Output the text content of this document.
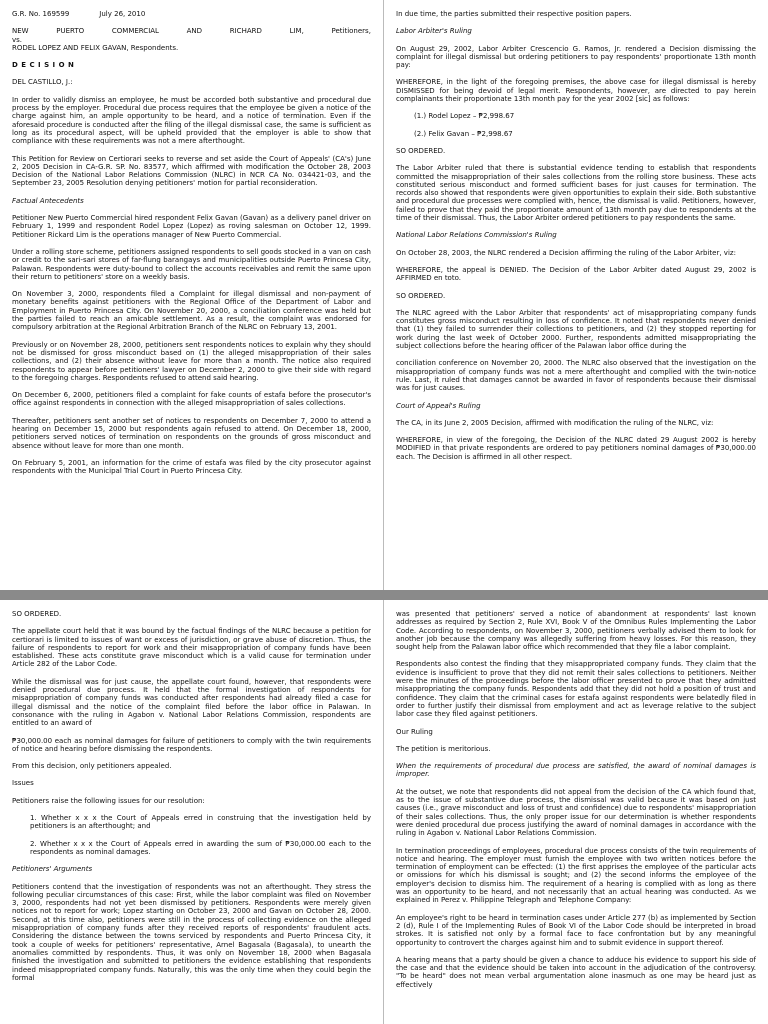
G.R. No. 169599	July 26, 2010
NEW	PUERTO	COMMERCIAL	AND	RICHARD	LIM,	Petitioners,
vs.
RODEL LOPEZ AND FELIX GAVAN, Respondents.
D E C I S I O N
DEL CASTILLO, J.:
In order to validly dismiss an employee, he must be accorded both substantive and procedural due process by the employer. Procedural due process requires that the employee be given a notice of the charge against him, an ample opportunity to be heard, and a notice of termination. Even if the aforesaid procedure is conducted after the filing of the illegal dismissal case, the same is sufficient as long as its procedural aspect, will be upheld provided that the employer is able to show that compliance with these requirements was not a mere afterthought.
This Petition for Review on Certiorari seeks to reverse and set aside the Court of Appeals' (CA's) June 2, 2005 Decision in CA-G.R. SP. No. 83577, which affirmed with modification the October 28, 2003 Decision of the National Labor Relations Commission (NLRC) in NCR CA No. 034421-03, and the September 23, 2005 Resolution denying petitioners' motion for partial reconsideration.
Factual Antecedents
Petitioner New Puerto Commercial hired respondent Felix Gavan (Gavan) as a delivery panel driver on February 1, 1999 and respondent Rodel Lopez (Lopez) as roving salesman on October 12, 1999. Petitioner Rickard Lim is the operations manager of New Puerto Commercial.
Under a rolling store scheme, petitioners assigned respondents to sell goods stocked in a van on cash or credit to the sari-sari stores of far-flung barangays and municipalities outside Puerto Princesa City, Palawan. Respondents were duty-bound to collect the accounts receivables and remit the same upon their return to petitioners' store on a weekly basis.
On November 3, 2000, respondents filed a Complaint for illegal dismissal and non-payment of monetary benefits against petitioners with the Regional Office of the Department of Labor and Employment in Puerto Princesa City. On November 20, 2000, a conciliation conference was held but the parties failed to reach an amicable settlement. As a result, the complaint was endorsed for compulsory arbitration at the Regional Arbitration Branch of the NLRC on February 13, 2001.
Previously or on November 28, 2000, petitioners sent respondents notices to explain why they should not be dismissed for gross misconduct based on (1) the alleged misappropriation of their sales collections, and (2) their absence without leave for more than a month. The notice also required respondents to appear before petitioners' lawyer on December 2, 2000 to give their side with regard to the foregoing charges. Respondents refused to attend said hearing.
On December 6, 2000, petitioners filed a complaint for fake counts of estafa before the prosecutor's office against respondents in connection with the alleged misappropriation of sales collections.
Thereafter, petitioners sent another set of notices to respondents on December 7, 2000 to attend a hearing on December 15, 2000 but respondents again refused to attend. On December 18, 2000, petitioners served notices of termination on respondents on the grounds of gross misconduct and absence without leave for more than one month.
On February 5, 2001, an information for the crime of estafa was filed by the city prosecutor against respondents with the Municipal Trial Court in Puerto Princesa City.
In due time, the parties submitted their respective position papers.
Labor Arbiter's Ruling
On August 29, 2002, Labor Arbiter Crescencio G. Ramos, Jr. rendered a Decision dismissing the complaint for illegal dismissal but ordering petitioners to pay respondents' proportionate 13th month pay:
WHEREFORE, in the light of the foregoing premises, the above case for illegal dismissal is hereby DISMISSED for being devoid of legal merit. Respondents, however, are directed to pay herein complainants their proportionate 13th month pay for the year 2002 [sic] as follows:
(1.) Rodel Lopez – ₱2,998.67
(2.) Felix Gavan – ₱2,998.67
SO ORDERED.
The Labor Arbiter ruled that there is substantial evidence tending to establish that respondents committed the misappropriation of their sales collections from the rolling store business. These acts constituted serious misconduct and formed sufficient bases for just causes for termination. The records also showed that respondents were given opportunities to explain their side. Both substantive and procedural due processes were complied with, hence, the dismissal is valid. Petitioners, however, failed to prove that they paid the proportionate amount of 13th month pay due to respondents at the time of their dismissal. Thus, the Labor Arbiter ordered petitioners to pay respondents the same.
National Labor Relations Commission's Ruling
On October 28, 2003, the NLRC rendered a Decision affirming the ruling of the Labor Arbiter, viz:
WHEREFORE, the appeal is DENIED. The Decision of the Labor Arbiter dated August 29, 2002 is AFFIRMED en toto.
SO ORDERED.
The NLRC agreed with the Labor Arbiter that respondents' act of misappropriating company funds constitutes gross misconduct resulting in loss of confidence. It noted that respondents never denied that (1) they failed to surrender their collections to petitioners, and (2) they stopped reporting for work during the last week of October 2000. Further, respondents admitted misappropriating the subject collections before the hearing officer of the Palawan labor office during the
conciliation conference on November 20, 2000. The NLRC also observed that the investigation on the misappropriation of company funds was not a mere afterthought and complied with the twin-notice rule. Last, it ruled that damages cannot be awarded in favor of respondents because their dismissal was for just causes.
Court of Appeal's Ruling
The CA, in its June 2, 2005 Decision, affirmed with modification the ruling of the NLRC, viz:
WHEREFORE, in view of the foregoing, the Decision of the NLRC dated 29 August 2002 is hereby MODIFIED in that private respondents are ordered to pay petitioners nominal damages of ₱30,000.00 each. The Decision is affirmed in all other respect.
SO ORDERED.
The appellate court held that it was bound by the factual findings of the NLRC because a petition for certiorari is limited to issues of want or excess of jurisdiction, or grave abuse of discretion. Thus, the failure of respondents to report for work and their misappropriation of company funds have been established. These acts constitute grave misconduct which is a valid cause for termination under Article 282 of the Labor Code.
While the dismissal was for just cause, the appellate court found, however, that respondents were denied procedural due process. It held that the formal investigation of respondents for misappropriation of company funds was conducted after respondents had already filed a case for illegal dismissal and the notice of the complaint filed before the labor office in Palawan. In consonance with the ruling in Agabon v. National Labor Relations Commission, respondents are entitled to an award of
₱30,000.00 each as nominal damages for failure of petitioners to comply with the twin requirements of notice and hearing before dismissing the respondents.
From this decision, only petitioners appealed.
Issues
Petitioners raise the following issues for our resolution:
1. Whether x x x the Court of Appeals erred in construing that the investigation held by petitioners is an afterthought; and
2. Whether x x x the Court of Appeals erred in awarding the sum of ₱30,000.00 each to the respondents as nominal damages.
Petitioners' Arguments
Petitioners contend that the investigation of respondents was not an afterthought. They stress the following peculiar circumstances of this case: First, while the labor complaint was filed on November 3, 2000, respondents had not yet been dismissed by petitioners. Respondents were merely given notices not to report for work; Lopez starting on October 23, 2000 and Gavan on October 28, 2000. Second, at this time also, petitioners were still in the process of collecting evidence on the alleged misappropriation of company funds after they received reports of respondents' fraudulent acts. Considering the distance between the towns serviced by respondents and Puerto Princesa City, it took a couple of weeks for petitioners' representative, Arnel Bagasala (Bagasala), to unearth the anomalies committed by respondents. Thus, it was only on November 18, 2000 when Bagasala finished the investigation and submitted to petitioners the evidence establishing that respondents indeed misappropriated company funds. Naturally, this was the only time when they could begin the formal
was presented that petitioners' served a notice of abandonment at respondents' last known addresses as required by Section 2, Rule XVI, Book V of the Omnibus Rules Implementing the Labor Code. According to respondents, on November 3, 2000, petitioners verbally advised them to look for another job because the company was allegedly suffering from heavy losses. For this reason, they sought help from the Palawan labor office which recommended that they file a labor complaint.
Respondents also contest the finding that they misappropriated company funds. They claim that the evidence is insufficient to prove that they did not remit their sales collections to petitioners. Neither were the minutes of the proceedings before the labor officer presented to prove that they admitted misappropriating the company funds. Respondents add that they did not hold a position of trust and confidence. They claim that the criminal cases for estafa against respondents were belatedly filed in order to further justify their dismissal from employment and act as leverage relative to the subject labor case they filed against petitioners.
Our Ruling
The petition is meritorious.
When the requirements of procedural due process are satisfied, the award of nominal damages is improper.
At the outset, we note that respondents did not appeal from the decision of the CA which found that, as to the issue of substantive due process, the dismissal was valid because it was based on just causes (i.e., grave misconduct and loss of trust and confidence) due to respondents' misappropriation of their sales collections. Thus, the only proper issue for our determination is whether respondents were denied procedural due process justifying the award of nominal damages in accordance with the ruling in Agabon v. National Labor Relations Commission.
In termination proceedings of employees, procedural due process consists of the twin requirements of notice and hearing. The employer must furnish the employee with two written notices before the termination of employment can be effected: (1) the first apprises the employee of the particular acts or omissions for which his dismissal is sought; and (2) the second informs the employee of the employer's decision to dismiss him. The requirement of a hearing is complied with as long as there was an opportunity to be heard, and not necessarily that an actual hearing was conducted. As we explained in Perez v. Philippine Telegraph and Telephone Company:
An employee's right to be heard in termination cases under Article 277 (b) as implemented by Section 2 (d), Rule I of the Implementing Rules of Book VI of the Labor Code should be interpreted in broad strokes. It is satisfied not only by a formal face to face confrontation but by any meaningful opportunity to controvert the charges against him and to submit evidence in support thereof.
A hearing means that a party should be given a chance to adduce his evidence to support his side of the case and that the evidence should be taken into account in the adjudication of the controversy. "To be heard" does not mean verbal argumentation alone inasmuch as one may be heard just as effectively
